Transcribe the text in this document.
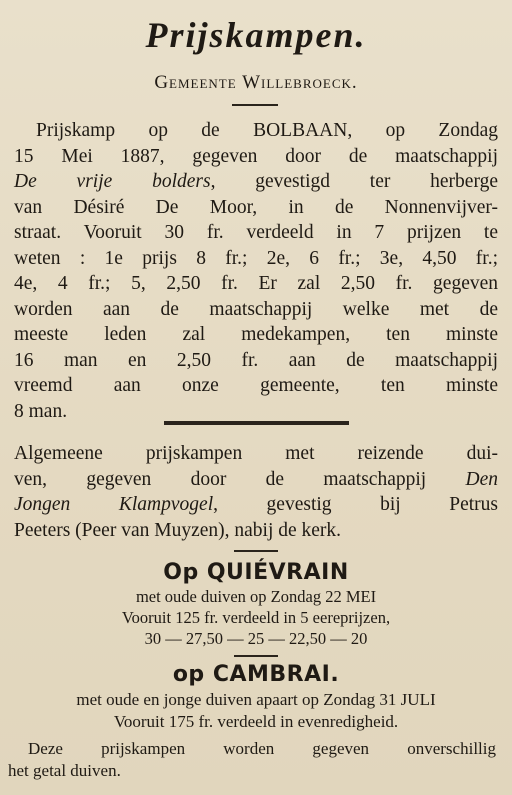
Prijskampen.
Gemeente Willebroeck.
Prijskamp op de BOLBAAN, op Zondag
15 Mei 1887, gegeven door de maatschappij
De vrije bolders, gevestigd ter herberge
van Désiré De Moor, in de Nonnenvijver-
straat. Vooruit 30 fr. verdeeld in 7 prijzen te
weten : 1e prijs 8 fr.; 2e, 6 fr.; 3e, 4,50 fr.;
4e, 4 fr.; 5, 2,50 fr. Er zal 2,50 fr. gegeven
worden aan de maatschappij welke met de
meeste leden zal medekampen, ten minste
16 man en 2,50 fr. aan de maatschappij
vreemd aan onze gemeente, ten minste
8 man.
Algemeene prijskampen met reizende dui-
ven, gegeven door de maatschappij Den
Jongen Klampvogel, gevestig bij Petrus
Peeters (Peer van Muyzen), nabij de kerk.
Op QUIÉVRAIN
met oude duiven op Zondag 22 MEI
Vooruit 125 fr. verdeeld in 5 eereprijzen,
30 — 27,50 — 25 — 22,50 — 20
op CAMBRAI.
met oude en jonge duiven apaart op Zondag 31 JULI
Vooruit 175 fr. verdeeld in evenredigheid.
Deze prijskampen worden gegeven onverschillig
het getal duiven.
